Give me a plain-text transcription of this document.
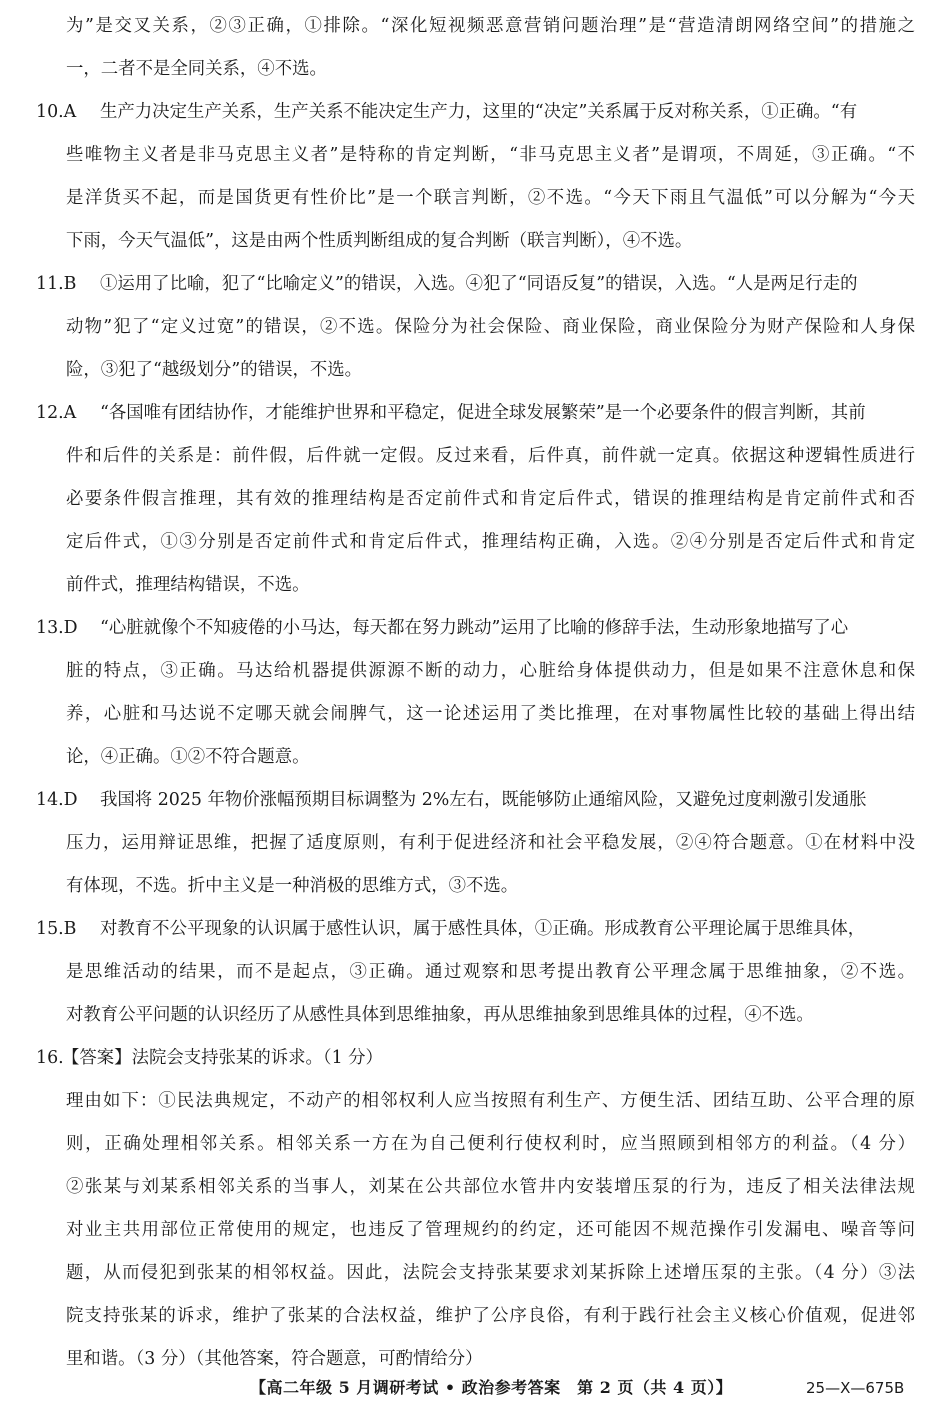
为”是交叉关系，②③正确，①排除。“深化短视频恶意营销问题治理”是“营造清朗网络空间”的措施之
一，二者不是全同关系，④不选。
10.A 生产力决定生产关系，生产关系不能决定生产力，这里的“决定”关系属于反对称关系，①正确。“有
些唯物主义者是非马克思主义者”是特称的肯定判断，“非马克思主义者”是谓项，不周延，③正确。“不
是洋货买不起，而是国货更有性价比”是一个联言判断，②不选。“今天下雨且气温低”可以分解为“今天
下雨，今天气温低”，这是由两个性质判断组成的复合判断（联言判断），④不选。
11.B ①运用了比喻，犯了“比喻定义”的错误，入选。④犯了“同语反复”的错误，入选。“人是两足行走的
动物”犯了“定义过宽”的错误，②不选。保险分为社会保险、商业保险，商业保险分为财产保险和人身保
险，③犯了“越级划分”的错误，不选。
12.A “各国唯有团结协作，才能维护世界和平稳定，促进全球发展繁荣”是一个必要条件的假言判断，其前
件和后件的关系是：前件假，后件就一定假。反过来看，后件真，前件就一定真。依据这种逻辑性质进行
必要条件假言推理，其有效的推理结构是否定前件式和肯定后件式，错误的推理结构是肯定前件式和否
定后件式，①③分别是否定前件式和肯定后件式，推理结构正确，入选。②④分别是否定后件式和肯定
前件式，推理结构错误，不选。
13.D “心脏就像个不知疲倦的小马达，每天都在努力跳动”运用了比喻的修辞手法，生动形象地描写了心
脏的特点，③正确。马达给机器提供源源不断的动力，心脏给身体提供动力，但是如果不注意休息和保
养，心脏和马达说不定哪天就会闹脾气，这一论述运用了类比推理，在对事物属性比较的基础上得出结
论，④正确。①②不符合题意。
14.D 我国将 2025 年物价涨幅预期目标调整为 2%左右，既能够防止通缩风险，又避免过度刺激引发通胀
压力，运用辩证思维，把握了适度原则，有利于促进经济和社会平稳发展，②④符合题意。①在材料中没
有体现，不选。折中主义是一种消极的思维方式，③不选。
15.B 对教育不公平现象的认识属于感性认识，属于感性具体，①正确。形成教育公平理论属于思维具体，
是思维活动的结果，而不是起点，③正确。通过观察和思考提出教育公平理念属于思维抽象，②不选。
对教育公平问题的认识经历了从感性具体到思维抽象，再从思维抽象到思维具体的过程，④不选。
16.
【答案】法院会支持张某的诉求。（1 分）
理由如下：①民法典规定，不动产的相邻权利人应当按照有利生产、方便生活、团结互助、公平合理的原
则，正确处理相邻关系。相邻关系一方在为自己便利行使权利时，应当照顾到相邻方的利益。（4 分）
②张某与刘某系相邻关系的当事人，刘某在公共部位水管井内安装增压泵的行为，违反了相关法律法规
对业主共用部位正常使用的规定，也违反了管理规约的约定，还可能因不规范操作引发漏电、噪音等问
题，从而侵犯到张某的相邻权益。因此，法院会支持张某要求刘某拆除上述增压泵的主张。（4 分）③法
院支持张某的诉求，维护了张某的合法权益，维护了公序良俗，有利于践行社会主义核心价值观，促进邻
里和谐。（3 分）（其他答案，符合题意，可酌情给分）
【高二年级 5 月调研考试 • 政治参考答案　第 2 页（共 4 页）】	25—X—675B
